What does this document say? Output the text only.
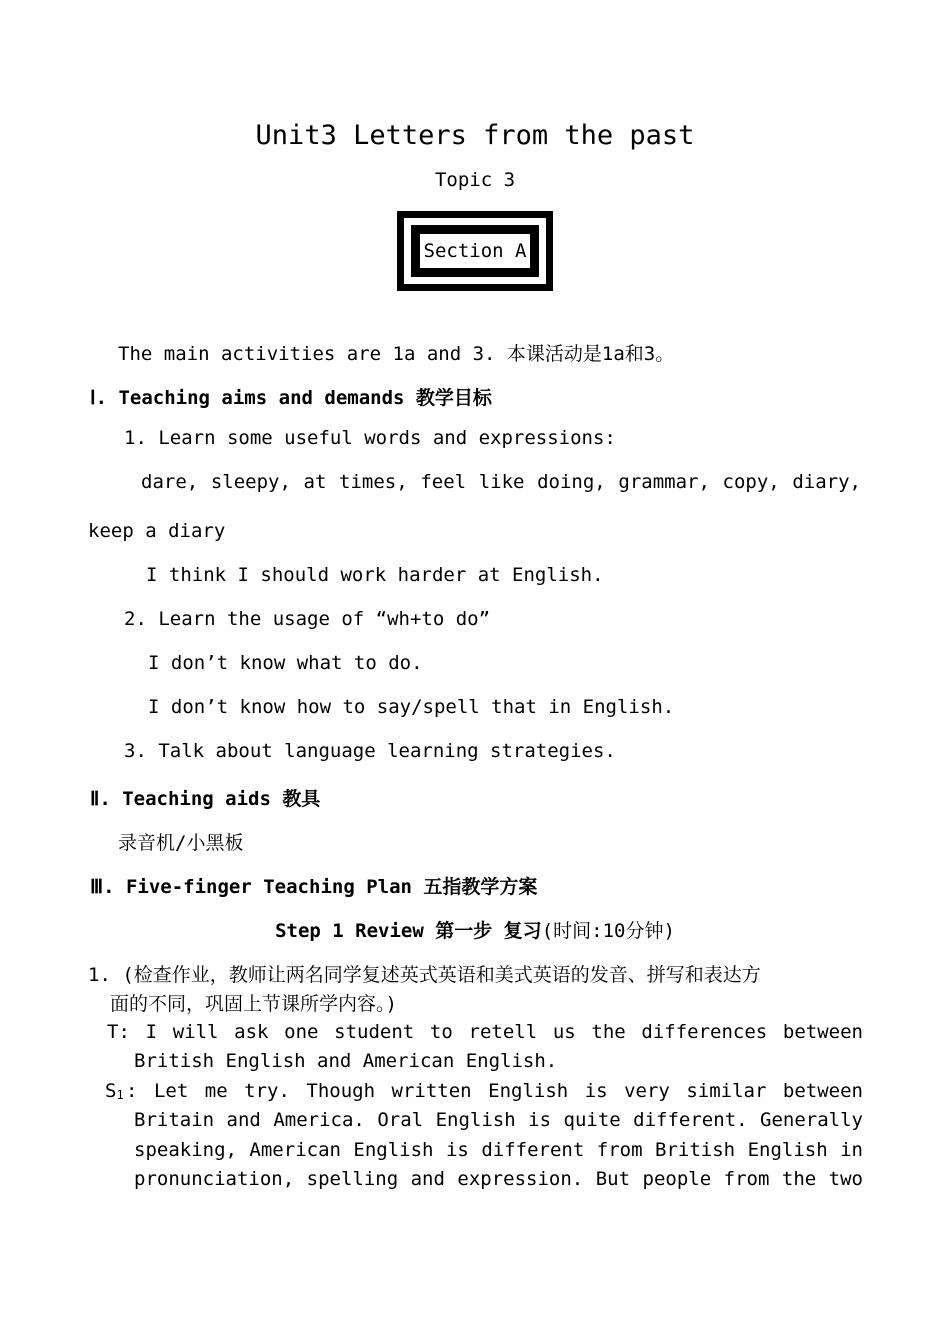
Unit3 Letters from the past
Topic 3
Section A
The main activities are 1a and 3. 本课活动是1a和3。
Ⅰ. Teaching aims and demands 教学目标
1. Learn some useful words and expressions:
dare, sleepy, at times, feel like doing, grammar, copy, diary,
keep a diary
I think I should work harder at English.
2. Learn the usage of “wh+to do”
I don’t know what to do.
I don’t know how to say/spell that in English.
3. Talk about language learning strategies.
Ⅱ. Teaching aids 教具
录音机/小黑板
Ⅲ. Five-finger Teaching Plan 五指教学方案
Step 1 Review 第一步 复习(时间:10分钟)
1. (检查作业，教师让两名同学复述英式英语和美式英语的发音、拼写和表达方
面的不同，巩固上节课所学内容。)
T: I will ask one student to retell us the differences between
British English and American English.
S1 : Let me try. Though written English is very similar between
Britain and America. Oral English is quite different. Generally
speaking, American English is different from British English in
pronunciation, spelling and expression. But people from the two
